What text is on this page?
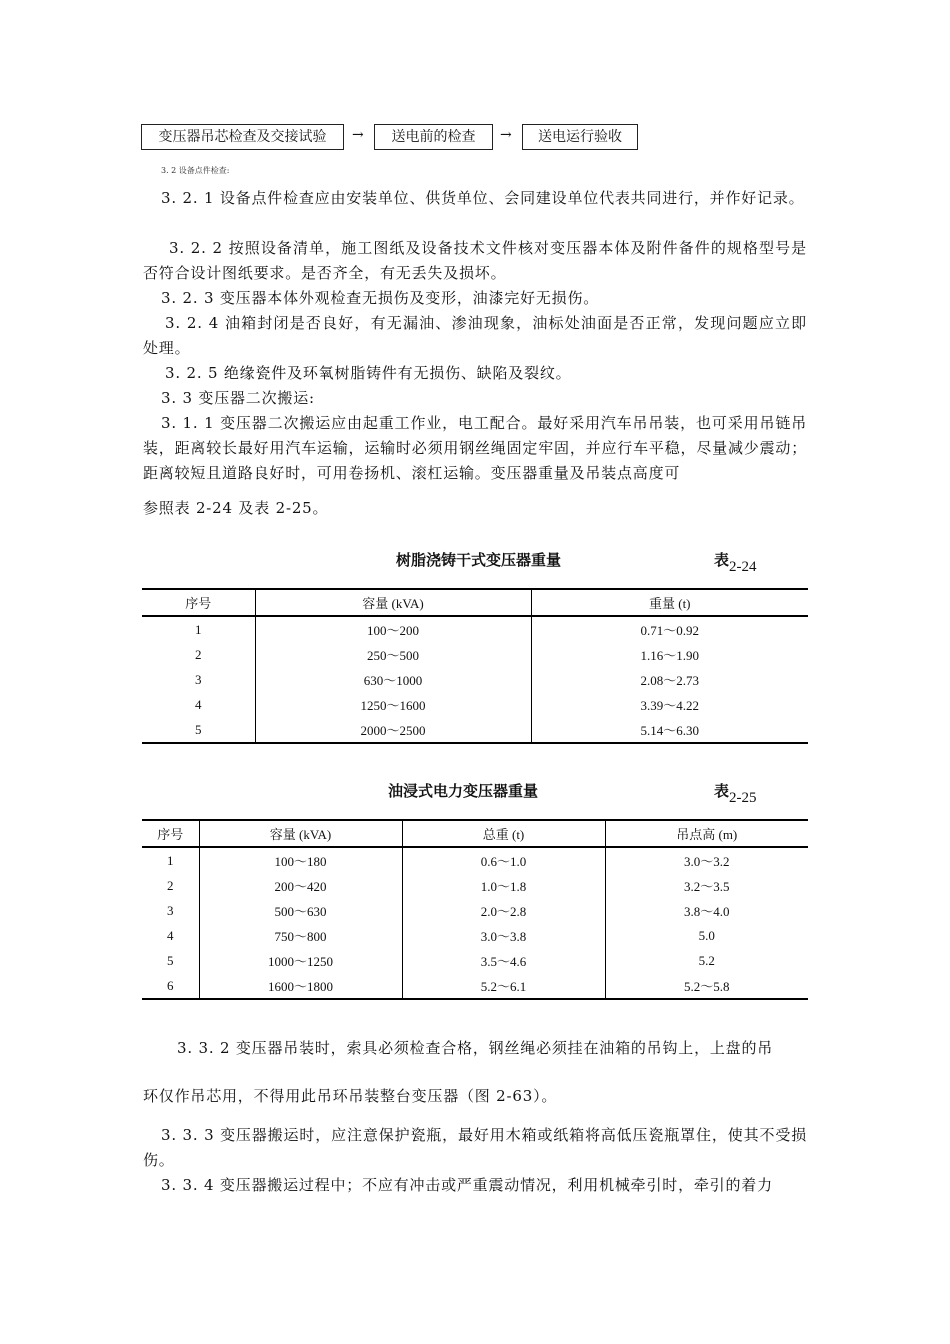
变压器吊芯检查及交接试验	→	送电前的检查	→	送电运行验收
3. 2 设备点件检查:
3. 2. 1 设备点件检查应由安装单位、供货单位、会同建设单位代表共同进行，并作好记录。
3. 2. 2 按照设备清单，施工图纸及设备技术文件核对变压器本体及附件备件的规格型号是否符合设计图纸要求。是否齐全，有无丢失及损坏。
3. 2. 3 变压器本体外观检查无损伤及变形，油漆完好无损伤。
3. 2. 4 油箱封闭是否良好，有无漏油、渗油现象，油标处油面是否正常，发现问题应立即处理。
3. 2. 5 绝缘瓷件及环氧树脂铸件有无损伤、缺陷及裂纹。
3. 3 变压器二次搬运:
3. 1. 1 变压器二次搬运应由起重工作业，电工配合。最好采用汽车吊吊装，也可采用吊链吊装，距离较长最好用汽车运输，运输时必须用钢丝绳固定牢固，并应行车平稳，尽量减少震动；距离较短且道路良好时，可用卷扬机、滚杠运输。变压器重量及吊装点高度可
参照表 2-24 及表 2-25。
树脂浇铸干式变压器重量	表2-24
序号	容量 (kVA)	重量 (t)
1	100～200	0.71～0.92
2	250～500	1.16～1.90
3	630～1000	2.08～2.73
4	1250～1600	3.39～4.22
5	2000～2500	5.14～6.30
油浸式电力变压器重量	表2-25
序号	容量 (kVA)	总重 (t)	吊点高 (m)
1	100～180	0.6～1.0	3.0～3.2
2	200～420	1.0～1.8	3.2～3.5
3	500～630	2.0～2.8	3.8～4.0
4	750～800	3.0～3.8	5.0
5	1000～1250	3.5～4.6	5.2
6	1600～1800	5.2～6.1	5.2～5.8
3. 3. 2 变压器吊装时，索具必须检查合格，钢丝绳必须挂在油箱的吊钩上，上盘的吊
环仅作吊芯用，不得用此吊环吊装整台变压器（图 2-63）。
3. 3. 3 变压器搬运时，应注意保护瓷瓶，最好用木箱或纸箱将高低压瓷瓶罩住，使其不受损伤。
3. 3. 4 变压器搬运过程中；不应有冲击或严重震动情况，利用机械牵引时，牵引的着力
